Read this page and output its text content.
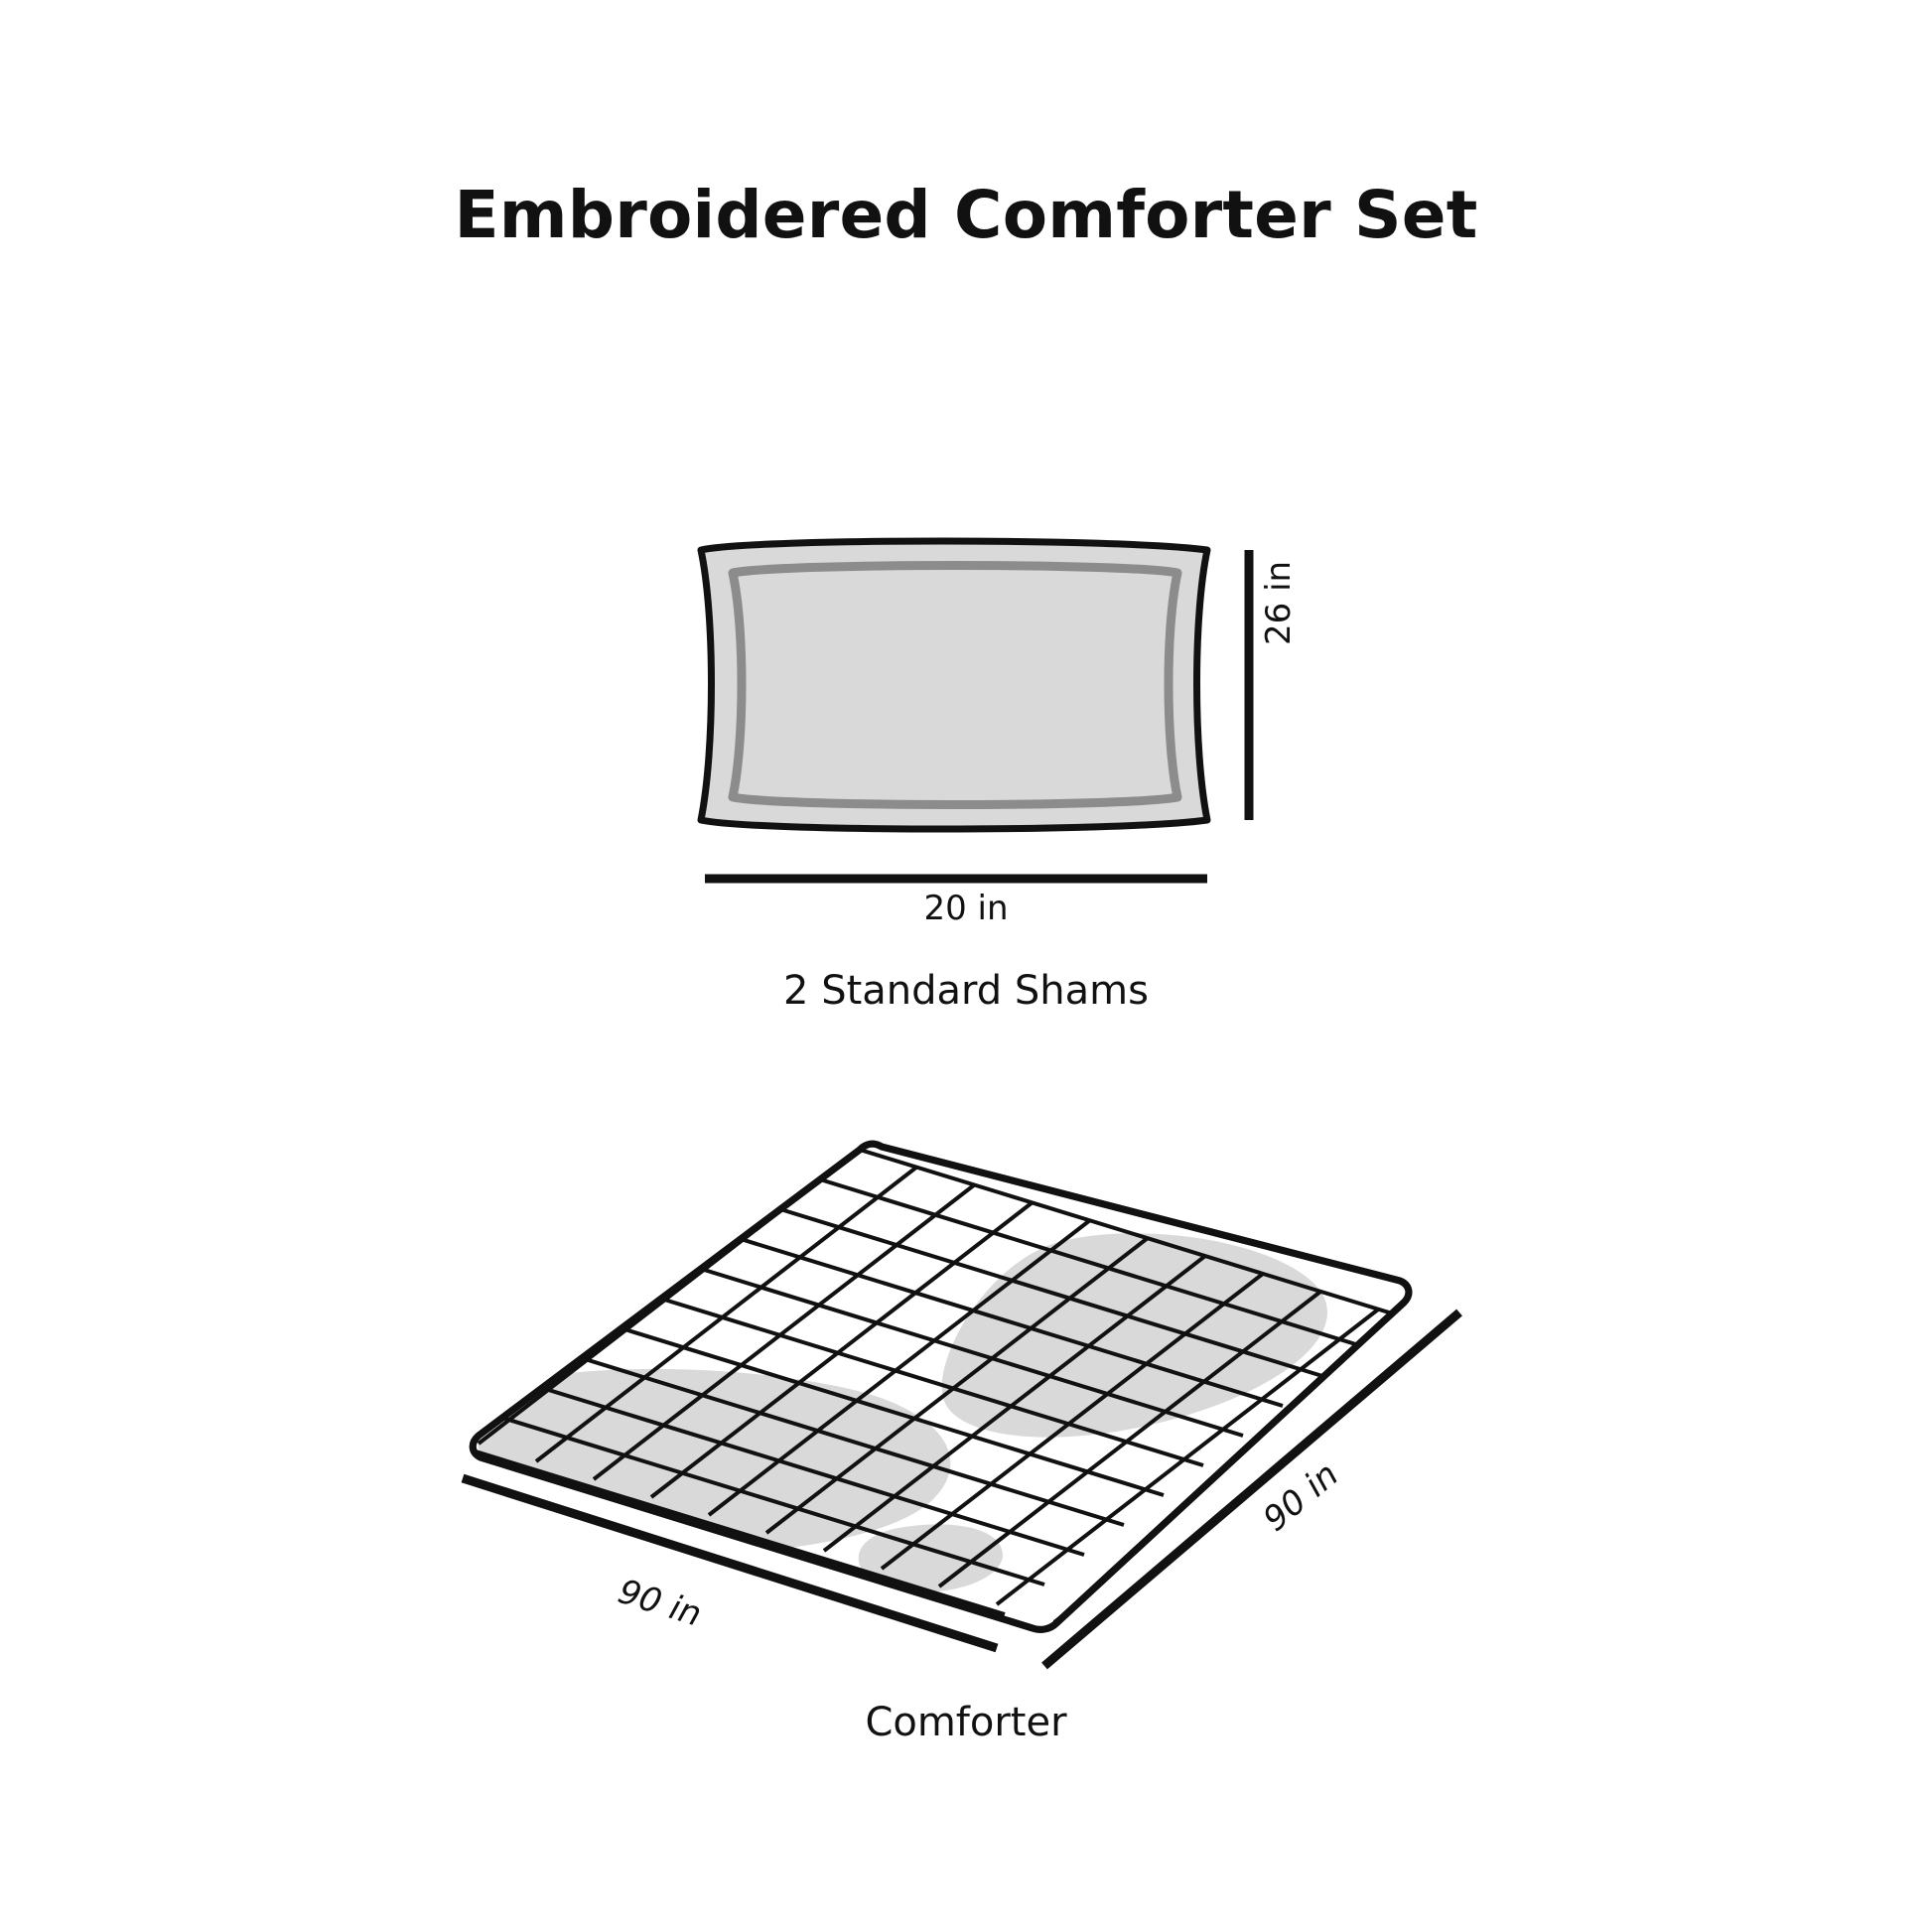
Embroidered Comforter Set
20 in
26 in
2 Standard Shams
90 in
90 in
Comforter
